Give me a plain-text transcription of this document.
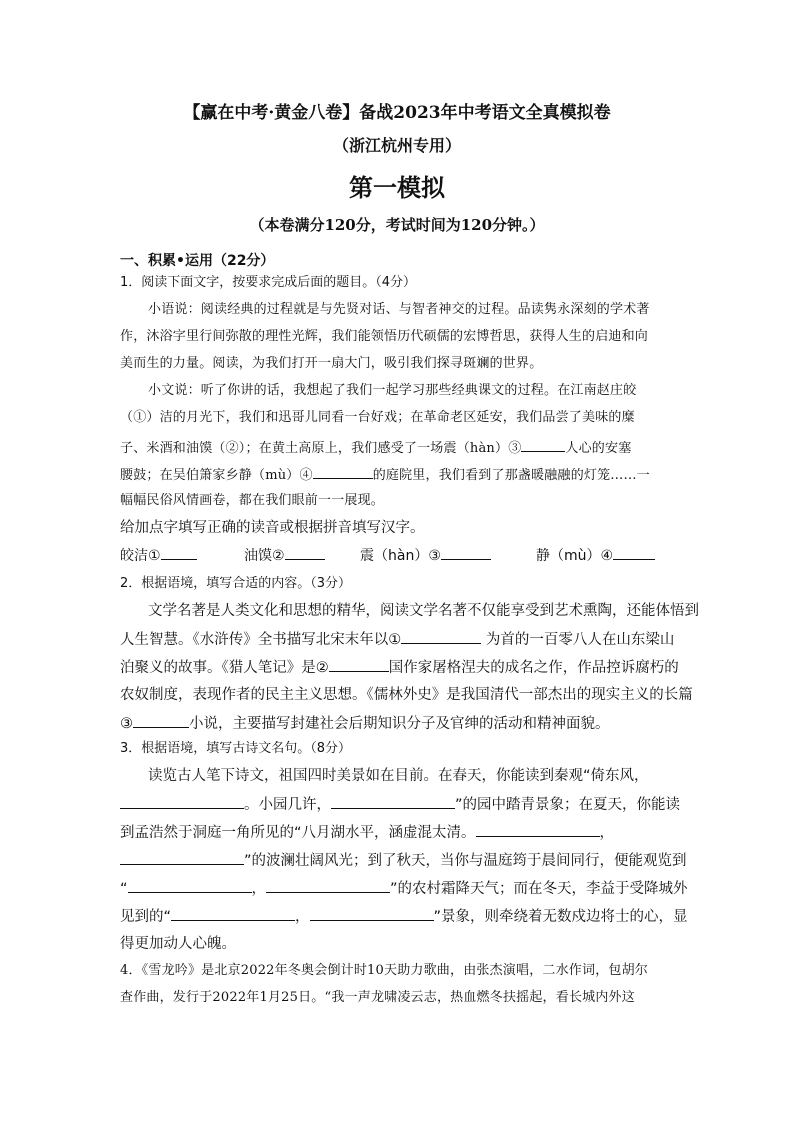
【赢在中考·黄金八卷】备战2023年中考语文全真模拟卷
（浙江杭州专用）
第一模拟
（本卷满分120分，考试时间为120分钟。）
一、积累•运用（22分）
1．阅读下面文字，按要求完成后面的题目。（4分）
小语说：阅读经典的过程就是与先贤对话、与智者神交的过程。品读隽永深刻的学术著
作，沐浴字里行间弥散的理性光辉，我们能领悟历代硕儒的宏博哲思，获得人生的启迪和向
美而生的力量。阅读，为我们打开一扇大门，吸引我们探寻斑斓的世界。
小文说：听了你讲的话，我想起了我们一起学习那些经典课文的过程。在江南赵庄皎
（①）洁的月光下，我们和迅哥儿同看一台好戏；在革命老区延安，我们品尝了美味的糜
子、米酒和油馍（②）；在黄土高原上，我们感受了一场震（hàn）③	人心的安塞
腰鼓；在吴伯箫家乡静（mù）④	的庭院里，我们看到了那盏暖融融的灯笼……一
幅幅民俗风情画卷，都在我们眼前一一展现。
给加点字填写正确的读音或根据拼音填写汉字。
皎洁①	油馍②	震（hàn）③	静（mù）④
2．根据语境，填写合适的内容。（3分）
文学名著是人类文化和思想的精华，阅读文学名著不仅能享受到艺术熏陶，还能体悟到
人生智慧。《水浒传》全书描写北宋末年以①	为首的一百零八人在山东梁山
泊聚义的故事。《猎人笔记》是②	国作家屠格涅夫的成名之作，作品控诉腐朽的
农奴制度，表现作者的民主主义思想。《儒林外史》是我国清代一部杰出的现实主义的长篇
③	小说，主要描写封建社会后期知识分子及官绅的活动和精神面貌。
3．根据语境，填写古诗文名句。（8分）
读览古人笔下诗文，祖国四时美景如在目前。在春天，你能读到秦观“倚东风，
。小园几许，	”的园中踏青景象；在夏天，你能读
到孟浩然于洞庭一角所见的“八月湖水平，涵虚混太清。	，
”的波澜壮阔风光；到了秋天，当你与温庭筠于晨间同行，便能观览到
“	，	”的农村霜降天气；而在冬天，李益于受降城外
见到的“	，	”景象，则牵绕着无数戍边将士的心，显
得更加动人心魄。
4．《雪龙吟》是北京2022年冬奥会倒计时10天助力歌曲，由张杰演唱，二水作词，包胡尔
查作曲，发行于2022年1月25日。“我一声龙啸凌云志，热血燃冬扶摇起，看长城内外这
